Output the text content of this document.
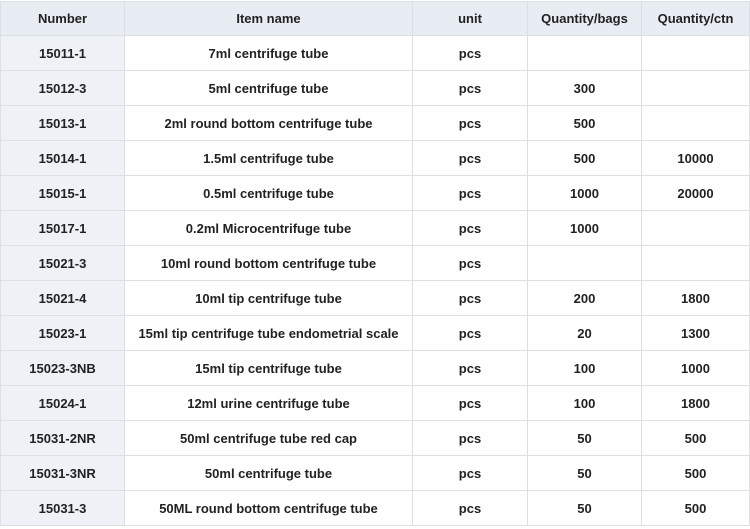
Number	Item name	unit	Quantity/bags	Quantity/ctn
15011-1	7ml centrifuge tube	pcs		
15012-3	5ml centrifuge tube	pcs	300	
15013-1	2ml round bottom centrifuge tube	pcs	500	
15014-1	1.5ml centrifuge tube	pcs	500	10000
15015-1	0.5ml centrifuge tube	pcs	1000	20000
15017-1	0.2ml Microcentrifuge tube	pcs	1000	
15021-3	10ml round bottom centrifuge tube	pcs		
15021-4	10ml tip centrifuge tube	pcs	200	1800
15023-1	15ml tip centrifuge tube endometrial scale	pcs	20	1300
15023-3NB	15ml tip centrifuge tube	pcs	100	1000
15024-1	12ml urine centrifuge tube	pcs	100	1800
15031-2NR	50ml centrifuge tube red cap	pcs	50	500
15031-3NR	50ml centrifuge tube	pcs	50	500
15031-3	50ML round bottom centrifuge tube	pcs	50	500
